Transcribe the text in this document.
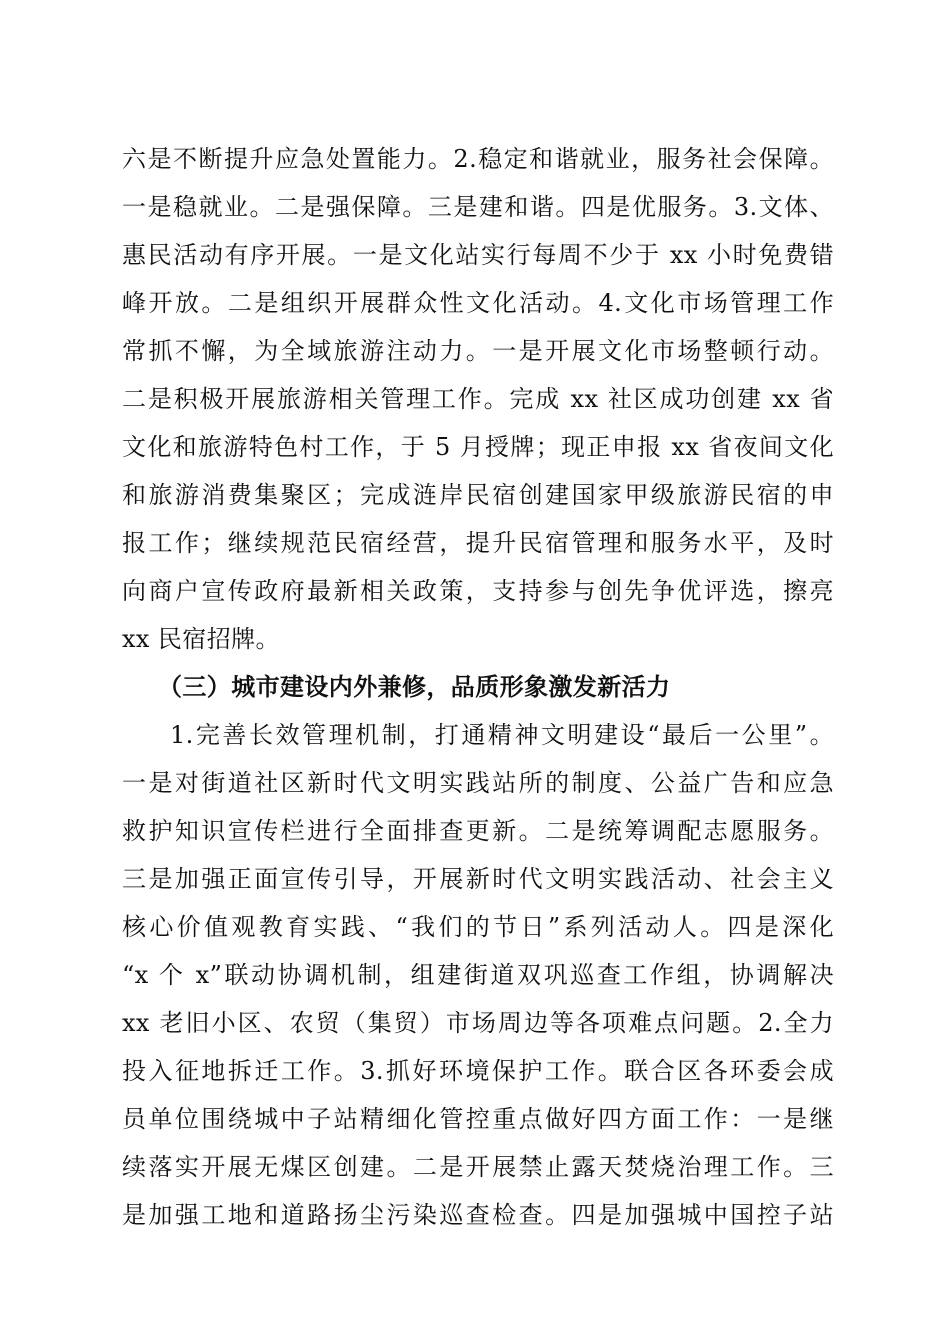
六是不断提升应急处置能力。2.稳定和谐就业，服务社会保障。
一是稳就业。二是强保障。三是建和谐。四是优服务。3.文体、
惠民活动有序开展。一是文化站实行每周不少于 xx 小时免费错
峰开放。二是组织开展群众性文化活动。4.文化市场管理工作
常抓不懈，为全域旅游注动力。一是开展文化市场整顿行动。
二是积极开展旅游相关管理工作。完成 xx 社区成功创建 xx 省
文化和旅游特色村工作，于 5 月授牌；现正申报 xx 省夜间文化
和旅游消费集聚区；完成涟岸民宿创建国家甲级旅游民宿的申
报工作；继续规范民宿经营，提升民宿管理和服务水平，及时
向商户宣传政府最新相关政策，支持参与创先争优评选，擦亮
xx 民宿招牌。
（三）城市建设内外兼修，品质形象激发新活力
1.完善长效管理机制，打通精神文明建设“最后一公里”。
一是对街道社区新时代文明实践站所的制度、公益广告和应急
救护知识宣传栏进行全面排查更新。二是统筹调配志愿服务。
三是加强正面宣传引导，开展新时代文明实践活动、社会主义
核心价值观教育实践、“我们的节日”系列活动人。四是深化
“x 个 x”联动协调机制，组建街道双巩巡查工作组，协调解决
xx 老旧小区、农贸（集贸）市场周边等各项难点问题。2.全力
投入征地拆迁工作。3.抓好环境保护工作。联合区各环委会成
员单位围绕城中子站精细化管控重点做好四方面工作：一是继
续落实开展无煤区创建。二是开展禁止露天焚烧治理工作。三
是加强工地和道路扬尘污染巡查检查。四是加强城中国控子站
